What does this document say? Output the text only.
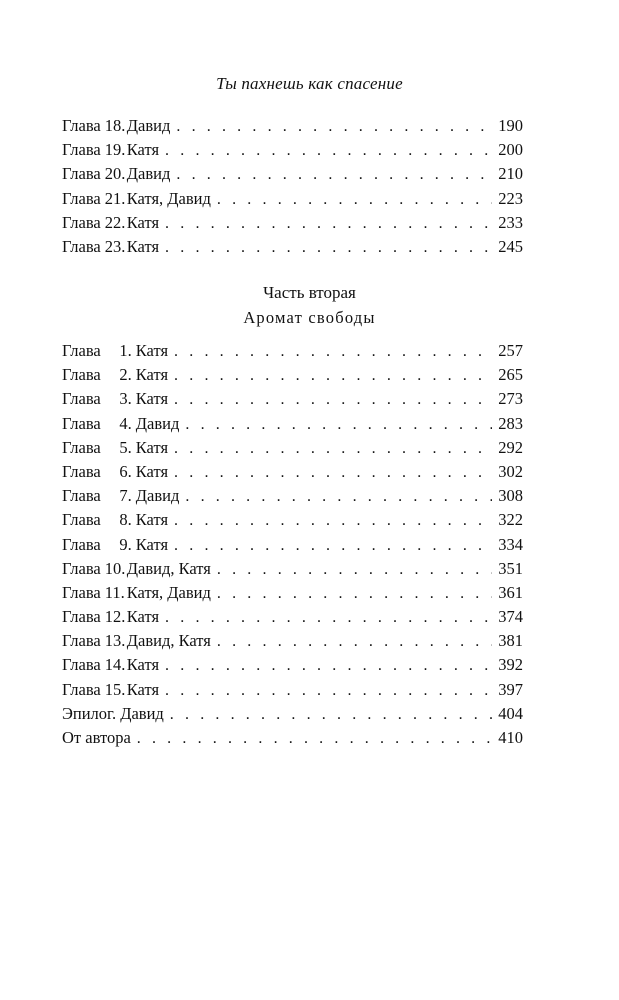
Ты пахнешь как спасение
Глава 18. Давид . . .	190
Глава 19. Катя . . .	200
Глава 20. Давид . . .	210
Глава 21. Катя, Давид . . .	223
Глава 22. Катя . . .	233
Глава 23. Катя . . .	245
Часть вторая
Аромат свободы
Глава	1. Катя . . .	257
Глава	2. Катя . . .	265
Глава	3. Катя . . .	273
Глава	4. Давид . . .	283
Глава	5. Катя . . .	292
Глава	6. Катя . . .	302
Глава	7. Давид . . .	308
Глава	8. Катя . . .	322
Глава	9. Катя . . .	334
Глава 10. Давид, Катя . . .	351
Глава 11. Катя, Давид . . .	361
Глава 12. Катя . . .	374
Глава 13. Давид, Катя . . .	381
Глава 14. Катя . . .	392
Глава 15. Катя . . .	397
Эпилог. Давид . . .	404
От автора . . .	410
